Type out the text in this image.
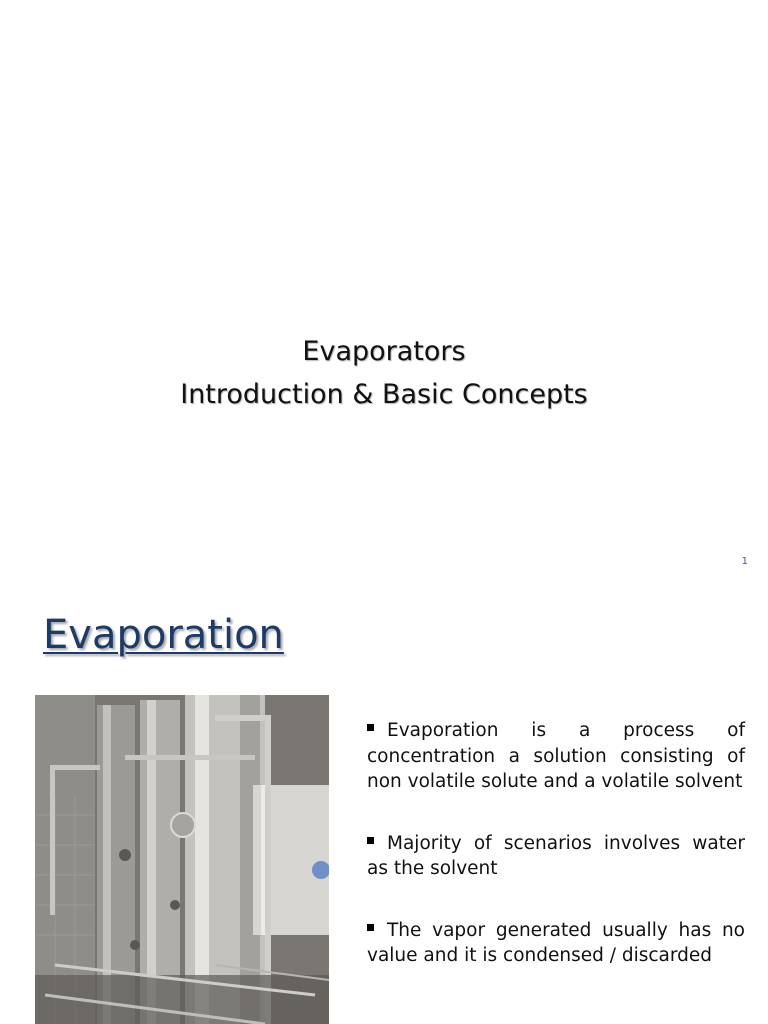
Evaporators
Introduction & Basic Concepts
1
Evaporation
Evaporation is a process of concentration a solution consisting of non volatile solute and a volatile solvent
Majority of scenarios involves water as the solvent
The vapor generated usually has no value and it is condensed / discarded
